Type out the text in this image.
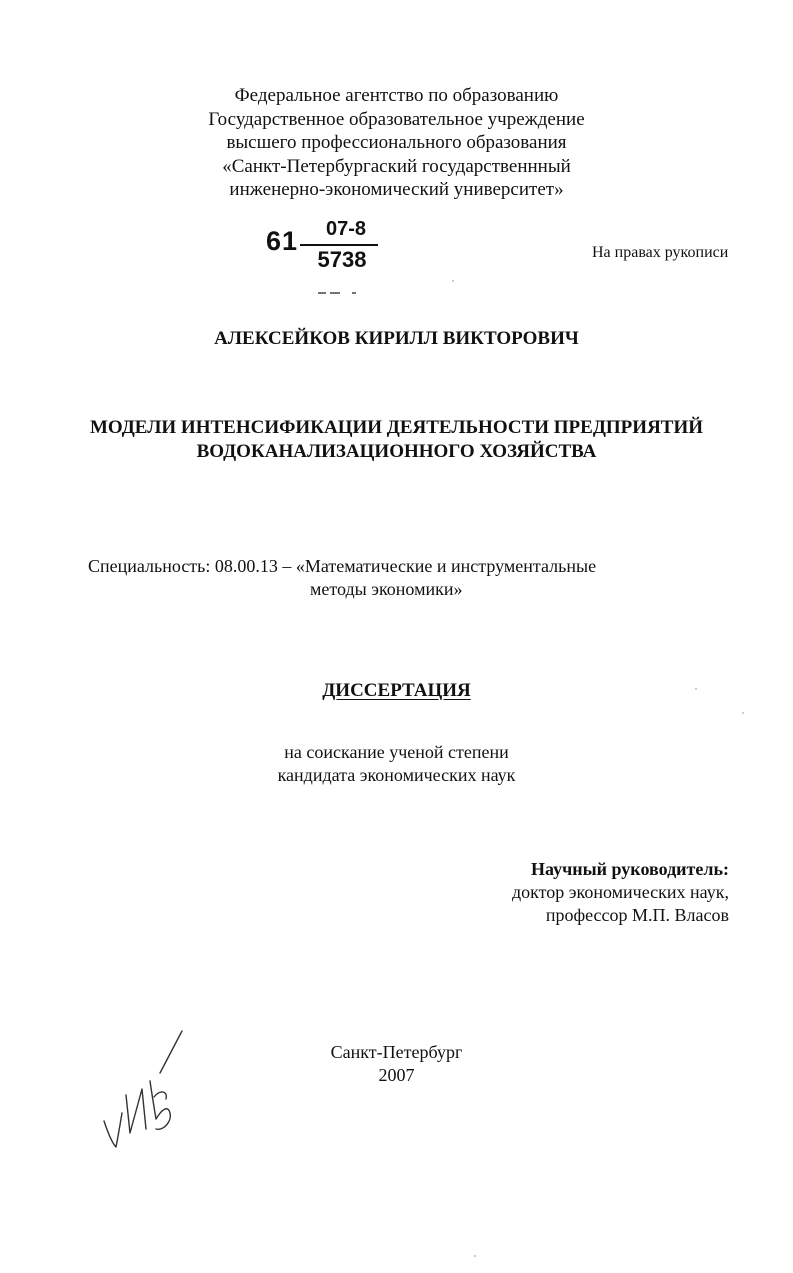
Федеральное агентство по образованию
Государственное образовательное учреждение
высшего профессионального образования
«Санкт-Петербургаский государственнный
инженерно-экономический университет»
61	07-8
5738	На правах рукописи
АЛЕКСЕЙКОВ КИРИЛЛ ВИКТОРОВИЧ
МОДЕЛИ ИНТЕНСИФИКАЦИИ ДЕЯТЕЛЬНОСТИ ПРЕДПРИЯТИЙ
ВОДОКАНАЛИЗАЦИОННОГО ХОЗЯЙСТВА
Специальность: 08.00.13 – «Математические и инструментальные
методы экономики»
ДИССЕРТАЦИЯ
на соискание ученой степени
кандидата экономических наук
Научный руководитель:
доктор экономических наук,
профессор М.П. Власов
Санкт-Петербург
2007
